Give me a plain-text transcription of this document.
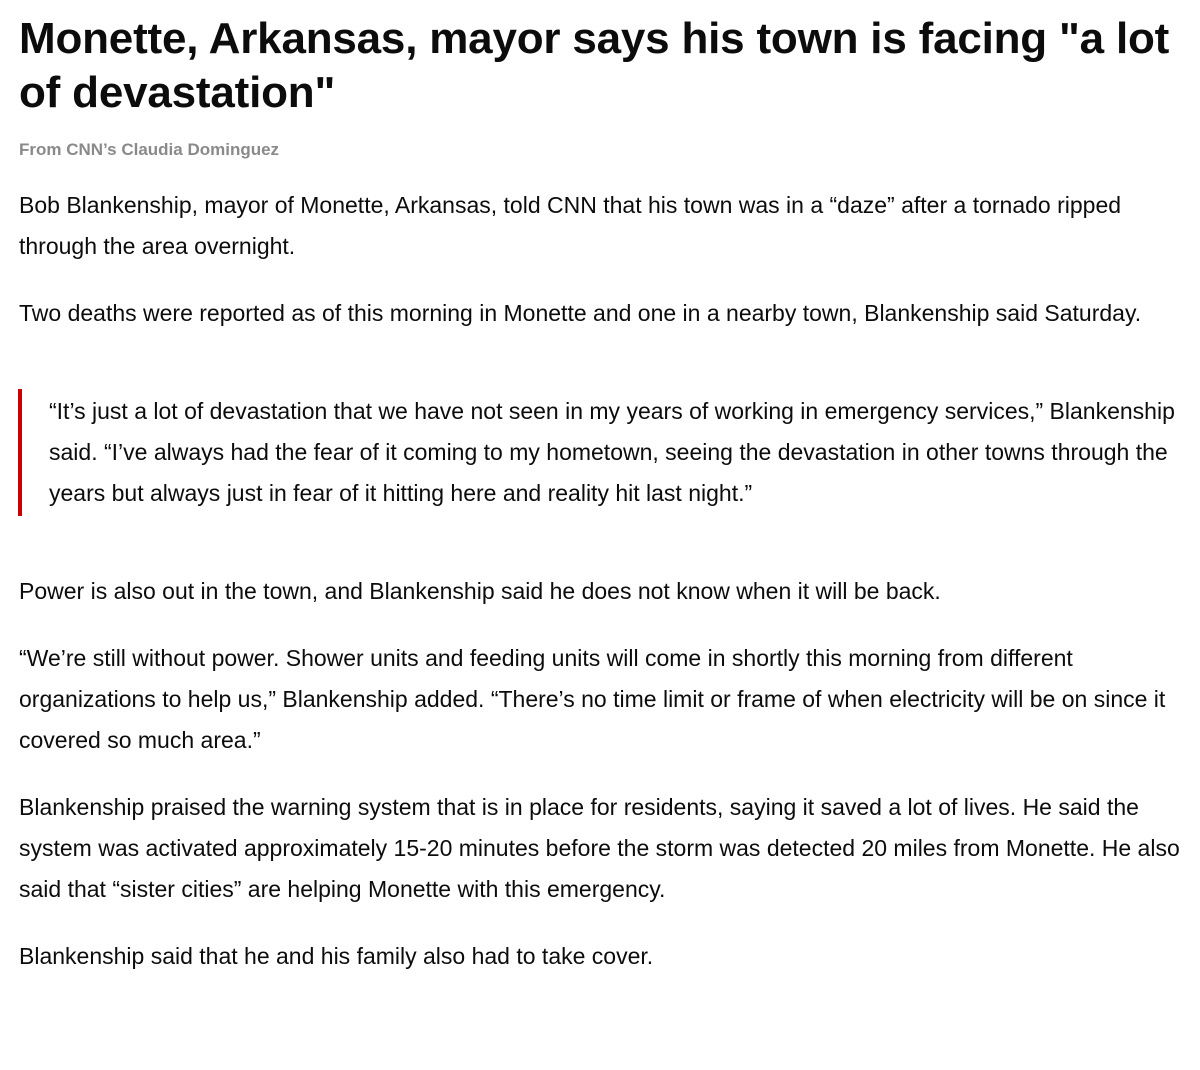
Monette, Arkansas, mayor says his town is facing "a lot of devastation"
From CNN’s Claudia Dominguez

Bob Blankenship, mayor of Monette, Arkansas, told CNN that his town was in a “daze” after a tornado ripped through the area overnight.

Two deaths were reported as of this morning in Monette and one in a nearby town, Blankenship said Saturday.

“It’s just a lot of devastation that we have not seen in my years of working in emergency services,” Blankenship said. “I’ve always had the fear of it coming to my hometown, seeing the devastation in other towns through the years but always just in fear of it hitting here and reality hit last night.”

Power is also out in the town, and Blankenship said he does not know when it will be back.

“We’re still without power. Shower units and feeding units will come in shortly this morning from different organizations to help us,” Blankenship added. “There’s no time limit or frame of when electricity will be on since it covered so much area.”

Blankenship praised the warning system that is in place for residents, saying it saved a lot of lives. He said the system was activated approximately 15-20 minutes before the storm was detected 20 miles from Monette. He also said that “sister cities” are helping Monette with this emergency.

Blankenship said that he and his family also had to take cover.
